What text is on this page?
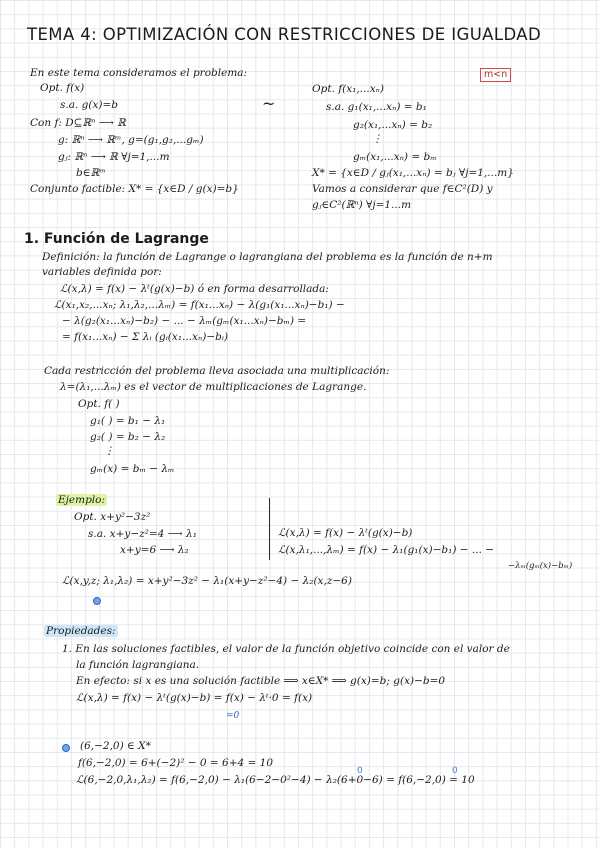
TEMA 4: OPTIMIZACIÓN CON RESTRICCIONES DE IGUALDAD
En este tema consideramos el problema:
Opt. f(x)
s.a. g(x)=b
Con f: D⊆ℝⁿ ⟶ ℝ
g: ℝⁿ ⟶ ℝᵐ, g=(g₁,g₂,...gₘ)
gⱼ: ℝⁿ ⟶ ℝ ∀j=1,...m
b∈ℝᵐ
Conjunto factible: X* = {x∈D / g(x)=b}
~
m<n
Opt. f(x₁,...xₙ)
s.a. g₁(x₁,...xₙ) = b₁
g₂(x₁,...xₙ) = b₂
⋮
gₘ(x₁,...xₙ) = bₘ
X* = {x∈D / gⱼ(x₁,...xₙ) = bⱼ ∀j=1,...m}
Vamos a considerar que f∈C²(D) y
gⱼ∈C²(ℝⁿ) ∀j=1...m
1. Función de Lagrange
Definición: la función de Lagrange o lagrangiana del problema es la función de n+m
variables definida por:
ℒ(x,λ) = f(x) − λᵗ(g(x)−b) ó en forma desarrollada:
ℒ(x₁,x₂,...xₙ; λ₁,λ₂,...λₘ) = f(x₁...xₙ) − λ(g₁(x₁...xₙ)−b₁) −
− λ(g₂(x₁...xₙ)−b₂) − ... − λₘ(gₘ(x₁...xₙ)−bₘ) =
= f(x₁...xₙ) − Σ λᵢ (gᵢ(x₁...xₙ)−bᵢ)
Cada restricción del problema lleva asociada una multiplicación:
λ=(λ₁,...λₘ) es el vector de multiplicaciones de Lagrange.
Opt. f( )
g₁( ) = b₁ − λ₁
g₂( ) = b₂ − λ₂
⋮
gₘ(x) = bₘ − λₘ
Ejemplo:
Opt. x+y²−3z²
s.a. x+y−z²=4 ⟶ λ₁
x+y=6 ⟶ λ₂
ℒ(x,λ) = f(x) − λᵗ(g(x)−b)
ℒ(x,λ₁,...,λₘ) = f(x) − λ₁(g₁(x)−b₁) − ... −
−λₘ(gₘ(x)−bₘ)
ℒ(x,y,z; λ₁,λ₂) = x+y²−3z² − λ₁(x+y−z²−4) − λ₂(x,z−6)
Propiedades:
1. En las soluciones factibles, el valor de la función objetivo coincide con el valor de
la función lagrangiana.
En efecto: si x es una solución factible ⟹ x∈X* ⟹ g(x)=b; g(x)−b=0
ℒ(x,λ) = f(x) − λᵗ(g(x)−b) = f(x) − λᵗ·0 = f(x)
=0
(6,−2,0) ∈ X*
f(6,−2,0) = 6+(−2)² − 0 = 6+4 = 10
ℒ(6,−2,0,λ₁,λ₂) = f(6,−2,0) − λ₁(6−2−0²−4) − λ₂(6+0−6) = f(6,−2,0) = 10
0	0
